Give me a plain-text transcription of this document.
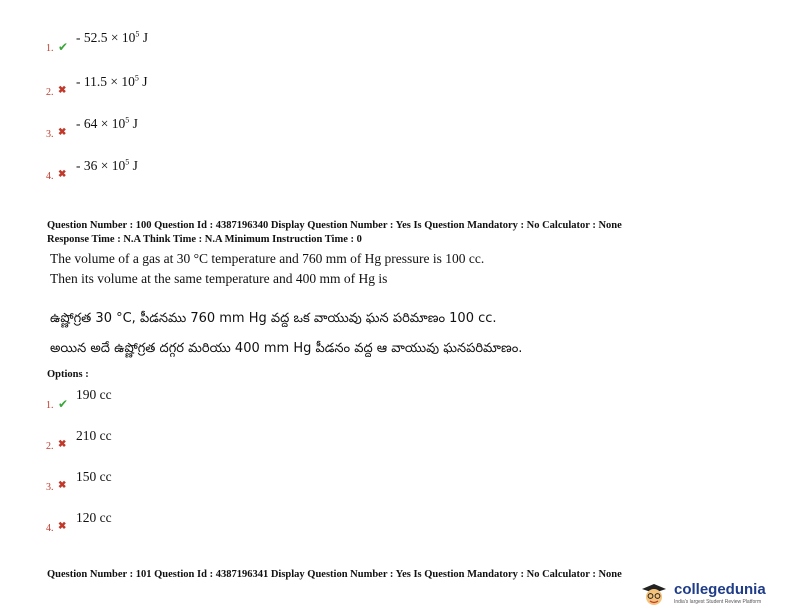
1. ✔
- $52.5 \times 10^5$ J
2. ✖
- $11.5 \times 10^5$ J
3. ✖
- $64 \times 10^5$ J
4. ✖
- $36 \times 10^5$ J
Question Number : 100 Question Id : 4387196340 Display Question Number : Yes Is Question Mandatory : No Calculator : None
Response Time : N.A Think Time : N.A Minimum Instruction Time : 0
The volume of a gas at 30 °C temperature and 760 mm of Hg pressure is 100 cc.
Then its volume at the same temperature and 400 mm of Hg is
ఉష్ణోగ్రత 30 °C, పీడనము 760 mm Hg వద్ద ఒక వాయువు ఘన పరిమాణం 100 cc.
అయిన అదే ఉష్ణోగ్రత దగ్గర మరియు 400 mm Hg పీడనం వద్ద ఆ వాయువు ఘనపరిమాణం.
Options :
1. ✔
190 cc
2. ✖
210 cc
3. ✖
150 cc
4. ✖
120 cc
Question Number : 101 Question Id : 4387196341 Display Question Number : Yes Is Question Mandatory : No Calculator : None
collegedunia
India's largest Student Review Platform
